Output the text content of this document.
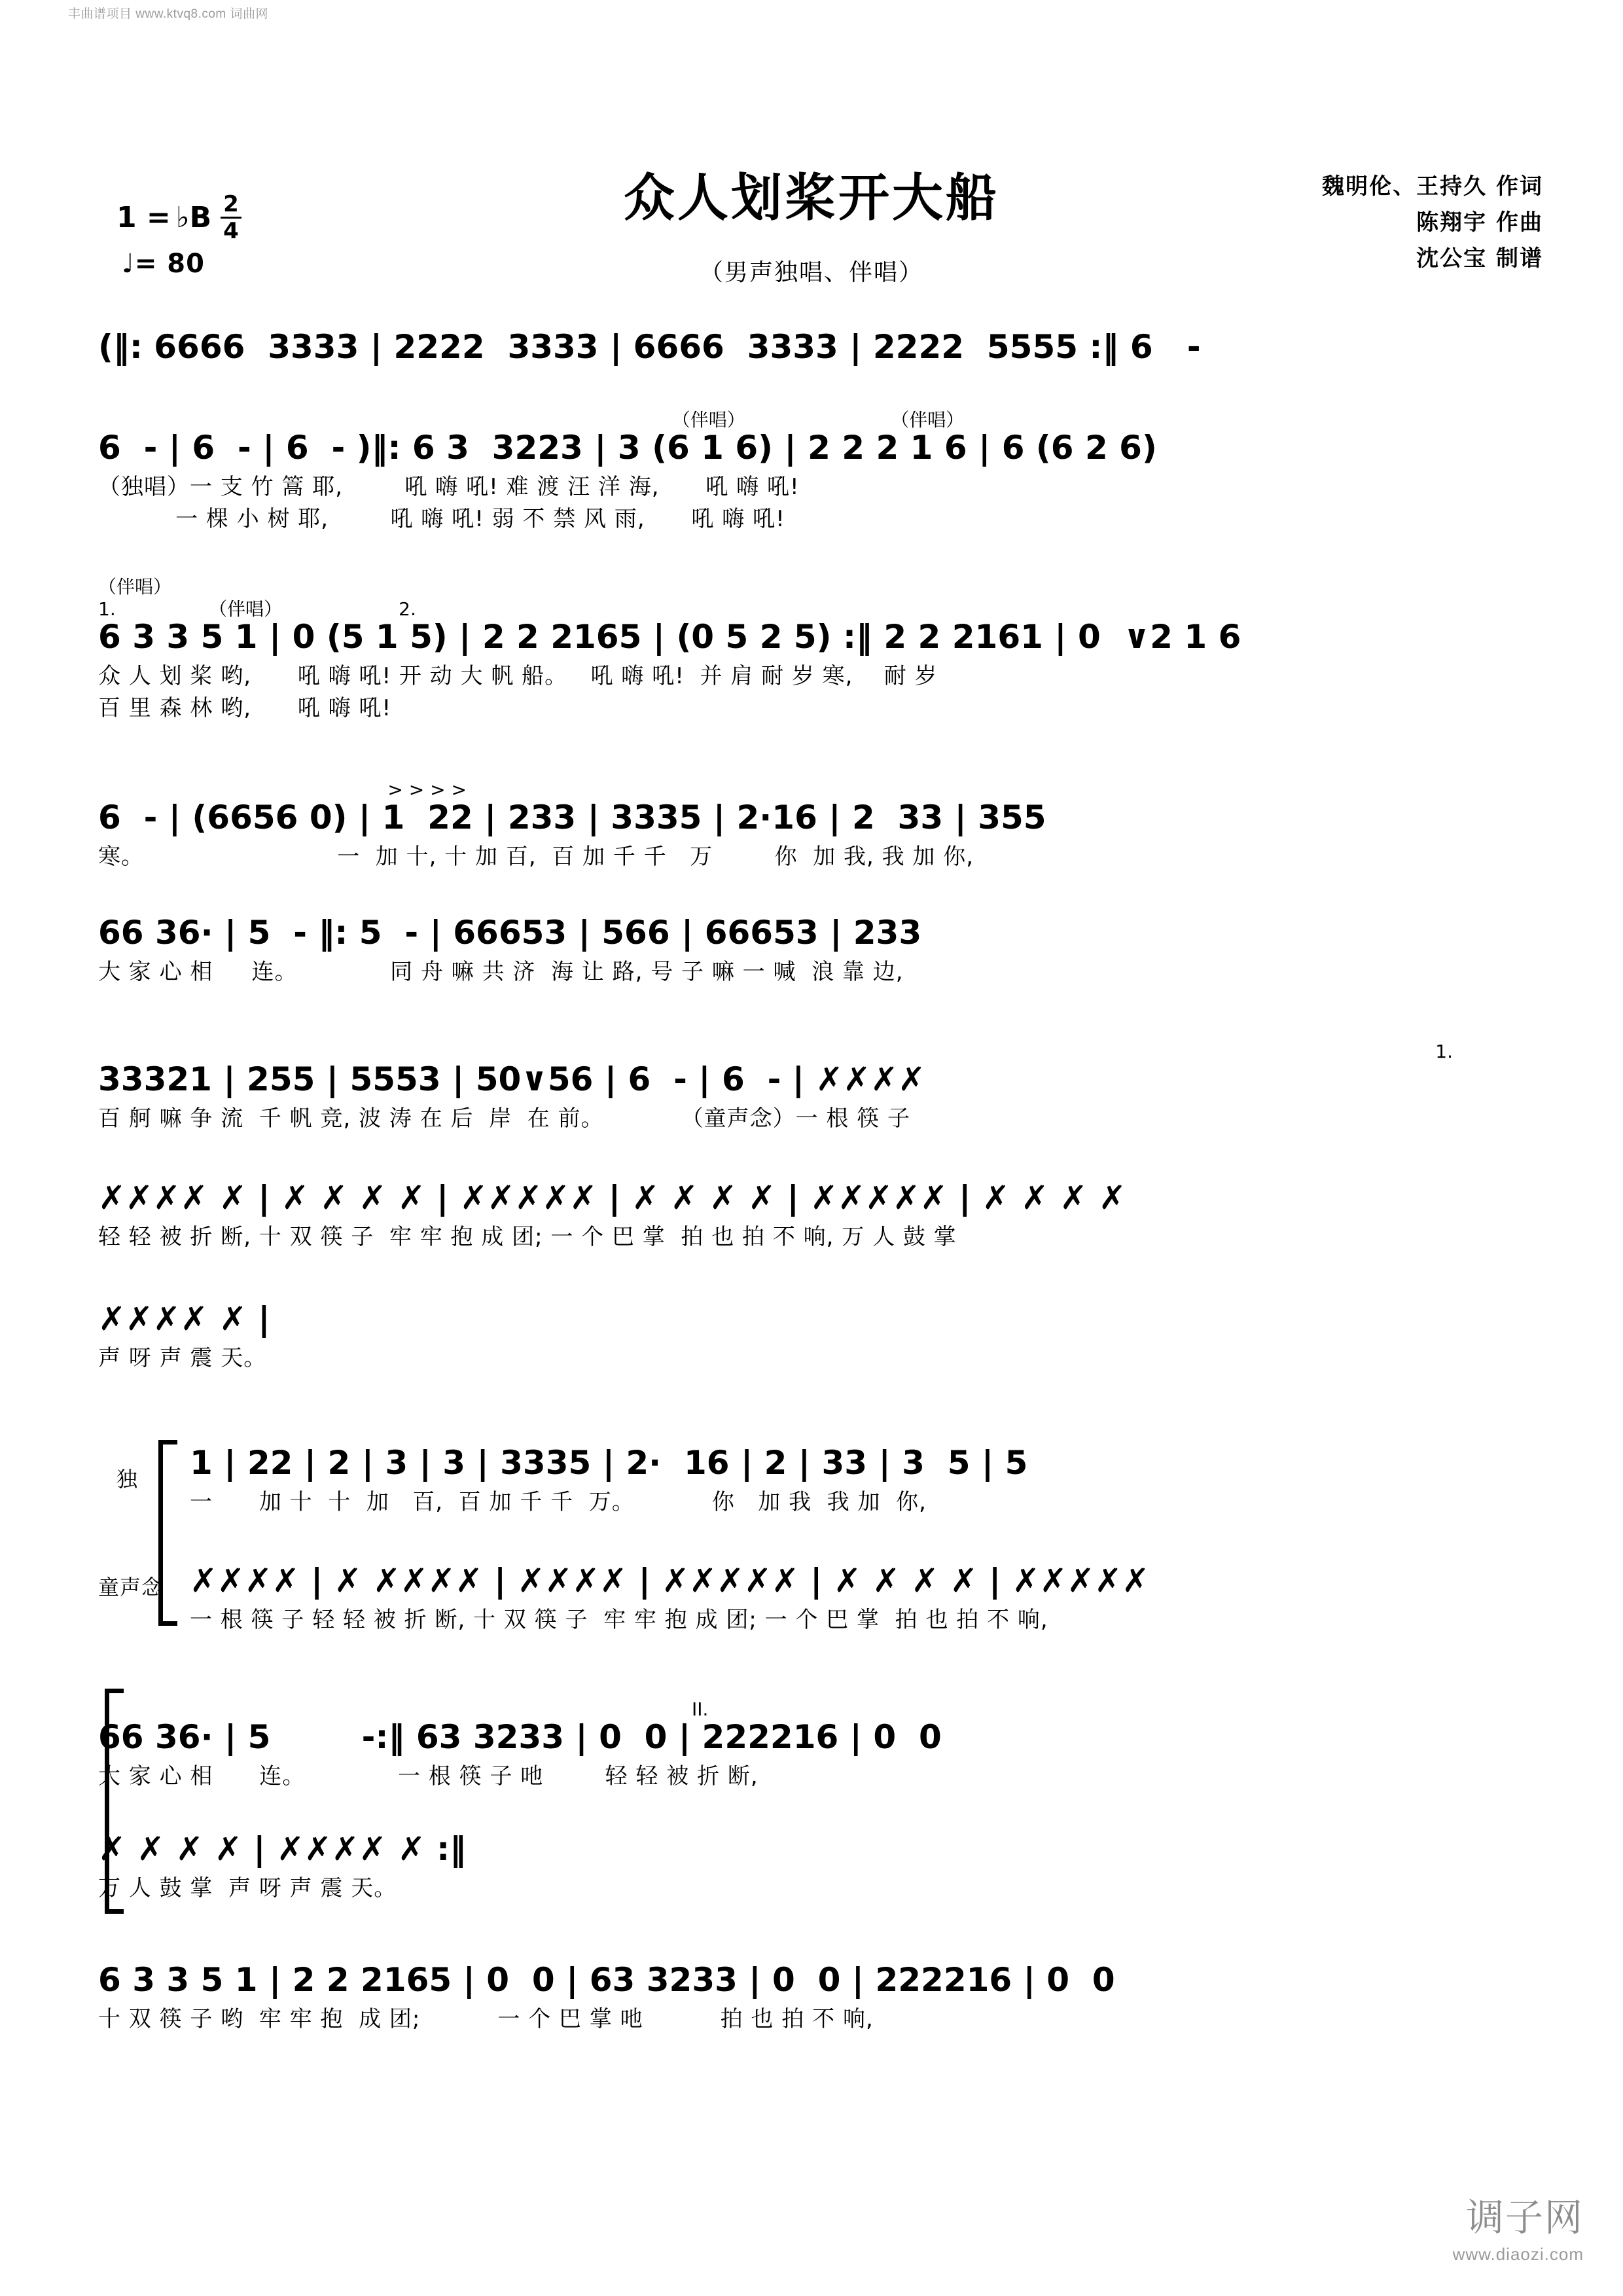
丰曲谱项目 www.ktvq8.com 词曲网
众人划桨开大船
（男声独唱、伴唱）
魏明伦、王持久 作词
陈翔宇 作曲
沈公宝 制谱
1 = ♭B $\frac{2}{4}$
♩= 80
(‖: 6666  3333 | 2222  3333 | 6666  3333 | 2222  5555 :‖ 6   -
（伴唱）                         （伴唱）
6  - | 6  - | 6  - )‖: 6 3  3223 | 3 (6 1 6) | 2 2 2 1 6 | 6 (6 2 6)
（独唱）一 支 竹 篙 耶,        吼 嗨 吼! 难 渡 汪 洋 海,      吼 嗨 吼!
一 棵 小 树 耶,        吼 嗨 吼! 弱 不 禁 风 雨,      吼 嗨 吼!
（伴唱）
1.                （伴唱）                    2.
6 3 3 5 1 | 0 (5 1 5) | 2 2 2165 | (0 5 2 5) :‖ 2 2 2161 | 0  ∨2 1 6
众 人 划 桨 哟,      吼 嗨 吼! 开 动 大 帆 船。   吼 嗨 吼!  并 肩 耐 岁 寒,    耐 岁
百 里 森 林 哟,      吼 嗨 吼!
> > > >
6  - | (6656 0) | 1  22 | 233 | 3335 | 2·16 | 2  33 | 355
寒。                         一  加 十, 十 加 百,  百 加 千 千   万        你  加 我, 我 加 你,
66 36· | 5  - ‖: 5  - | 66653 | 566 | 66653 | 233
大 家 心 相     连。            同 舟 嘛 共 济  海 让 路, 号 子 嘛 一 喊  浪 靠 边,
1.
33321 | 255 | 5553 | 50∨56 | 6  - | 6  - | ✗✗✗✗
百 舸 嘛 争 流  千 帆 竞, 波 涛 在 后  岸  在 前。          （童声念）一 根 筷 子
✗✗✗✗ ✗ | ✗ ✗ ✗ ✗ | ✗✗✗✗✗ | ✗ ✗ ✗ ✗ | ✗✗✗✗✗ | ✗ ✗ ✗ ✗
轻 轻 被 折 断, 十 双 筷 子  牢 牢 抱 成 团; 一 个 巴 掌  拍 也 拍 不 响, 万 人 鼓 掌
✗✗✗✗ ✗ |
声 呀 声 震 天。
独
童声念
1 | 22 | 2 | 3 | 3 | 3335 | 2·  16 | 2 | 33 | 3  5 | 5
一      加 十  十  加   百,  百 加 千 千  万。          你   加 我  我 加  你,
✗✗✗✗ | ✗ ✗✗✗✗ | ✗✗✗✗ | ✗✗✗✗✗ | ✗ ✗ ✗ ✗ | ✗✗✗✗✗
一 根 筷 子 轻 轻 被 折 断, 十 双 筷 子  牢 牢 抱 成 团; 一 个 巴 掌  拍 也 拍 不 响,
II.
66 36· | 5        -:‖ 63 3233 | 0  0 | 222216 | 0  0
大 家 心 相      连。            一 根 筷 子 吔        轻 轻 被 折 断,
✗ ✗ ✗ ✗ | ✗✗✗✗ ✗ :‖
万 人 鼓 掌  声 呀 声 震 天。
6 3 3 5 1 | 2 2 2165 | 0  0 | 63 3233 | 0  0 | 222216 | 0  0
十 双 筷 子 哟  牢 牢 抱  成 团;          一 个 巴 掌 吔          拍 也 拍 不 响,
调子网
www.diaozi.com
